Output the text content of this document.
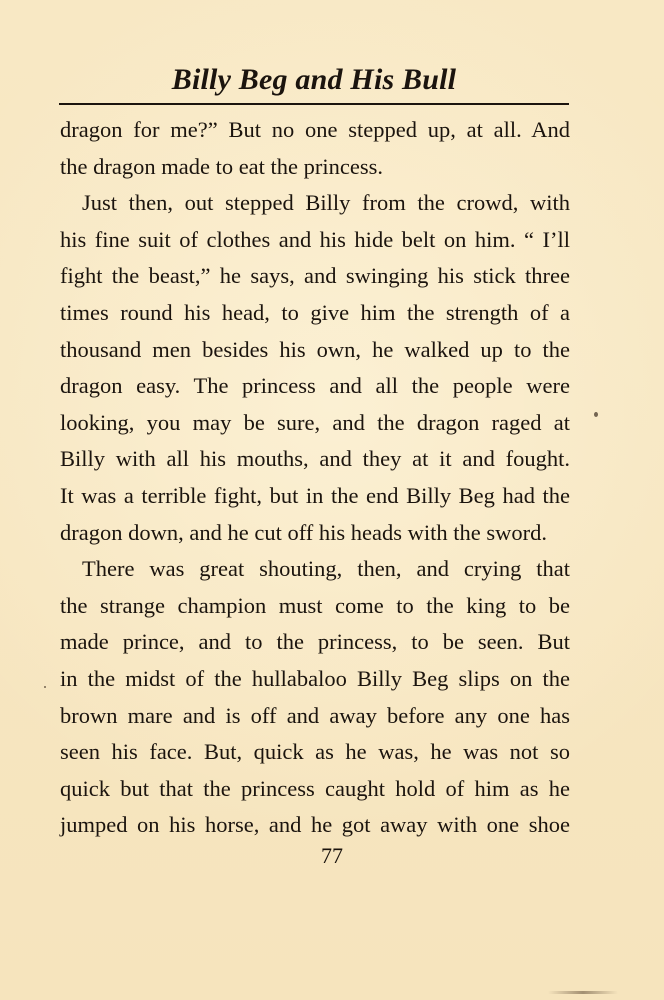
Billy Beg and His Bull
dragon for me?” But no one stepped up, at all. And
the dragon made to eat the princess.
Just then, out stepped Billy from the crowd, with
his fine suit of clothes and his hide belt on him. “ I’ll
fight the beast,” he says, and swinging his stick three
times round his head, to give him the strength of a
thousand men besides his own, he walked up to the
dragon easy. The princess and all the people were
looking, you may be sure, and the dragon raged at
Billy with all his mouths, and they at it and fought.
It was a terrible fight, but in the end Billy Beg had the
dragon down, and he cut off his heads with the sword.
There was great shouting, then, and crying that
the strange champion must come to the king to be
made prince, and to the princess, to be seen. But
in the midst of the hullabaloo Billy Beg slips on the
brown mare and is off and away before any one has
seen his face. But, quick as he was, he was not so
quick but that the princess caught hold of him as he
jumped on his horse, and he got away with one shoe
77
